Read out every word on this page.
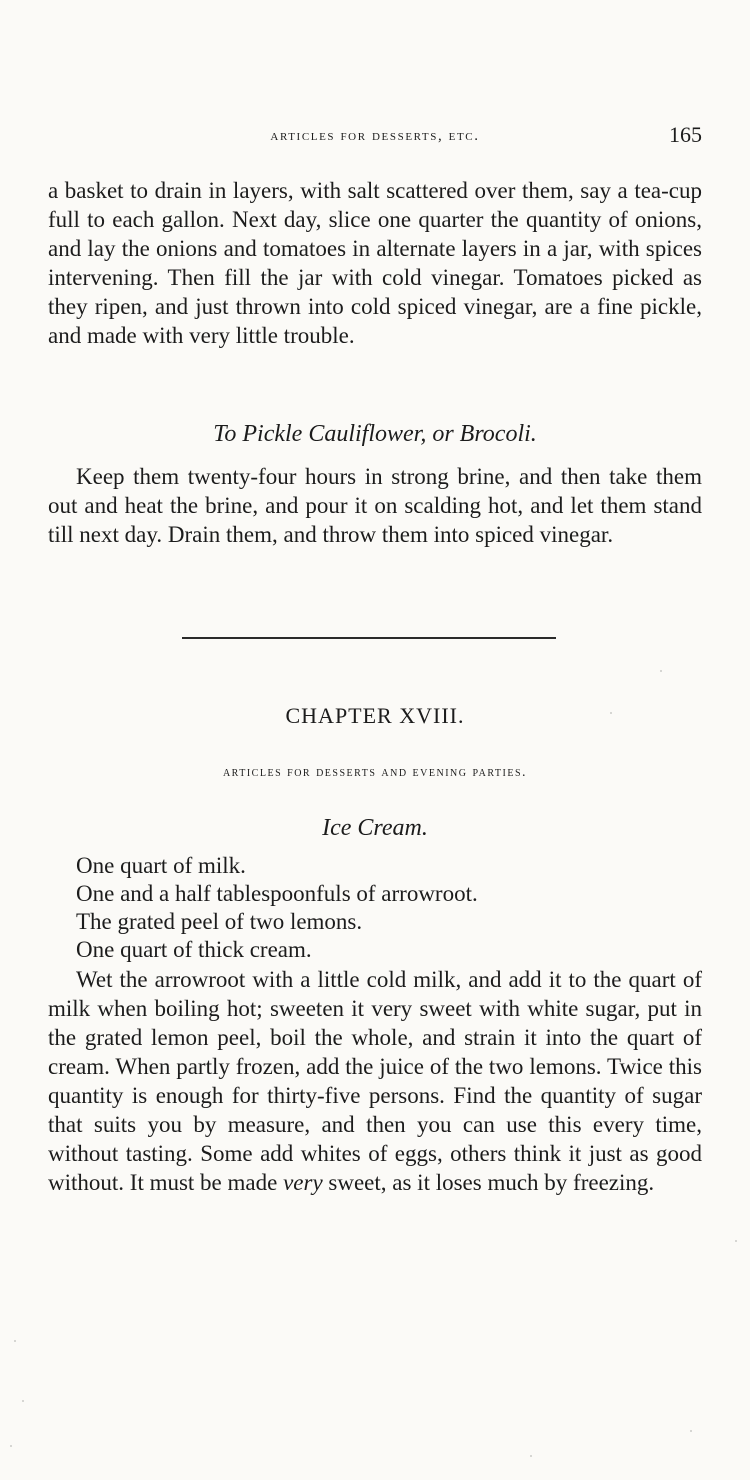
articles for desserts, etc.	165

a basket to drain in layers, with salt scattered over them, say a tea-cup full to each gallon. Next day, slice one quarter the quantity of onions, and lay the onions and tomatoes in alternate layers in a jar, with spices intervening. Then fill the jar with cold vinegar. Tomatoes picked as they ripen, and just thrown into cold spiced vinegar, are a fine pickle, and made with very little trouble.

To Pickle Cauliflower, or Brocoli.

Keep them twenty-four hours in strong brine, and then take them out and heat the brine, and pour it on scalding hot, and let them stand till next day. Drain them, and throw them into spiced vinegar.

CHAPTER XVIII.
articles for desserts and evening parties.
Ice Cream.
One quart of milk.
One and a half tablespoonfuls of arrowroot.
The grated peel of two lemons.
One quart of thick cream.

Wet the arrowroot with a little cold milk, and add it to the quart of milk when boiling hot; sweeten it very sweet with white sugar, put in the grated lemon peel, boil the whole, and strain it into the quart of cream. When partly frozen, add the juice of the two lemons. Twice this quantity is enough for thirty-five persons. Find the quantity of sugar that suits you by measure, and then you can use this every time, without tasting. Some add whites of eggs, others think it just as good without. It must be made very sweet, as it loses much by freezing.
